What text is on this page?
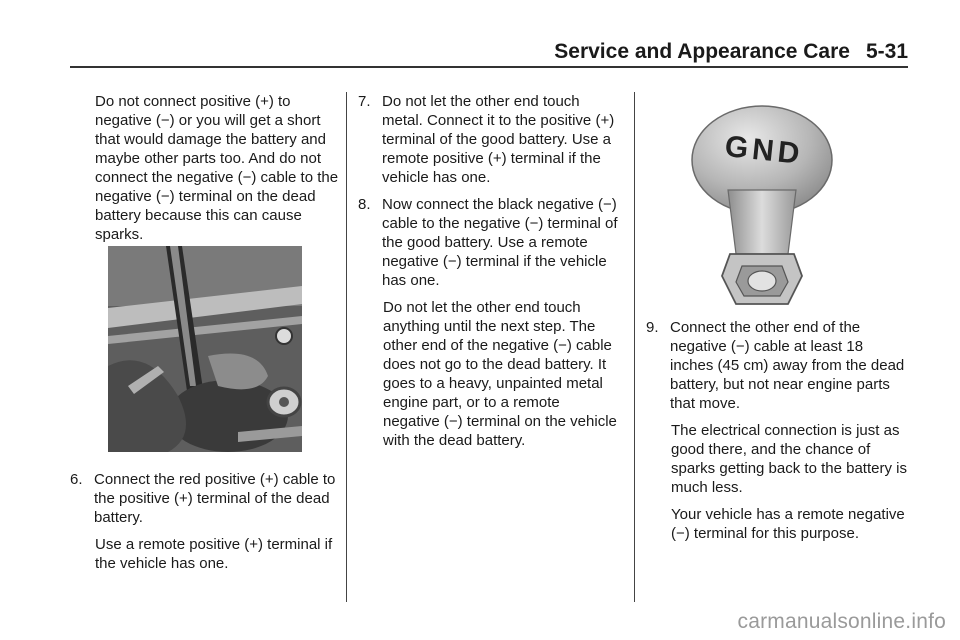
Service and Appearance Care 5-31

Do not connect positive (+) to negative (−) or you will get a short that would damage the battery and maybe other parts too. And do not connect the negative (−) cable to the negative (−) terminal on the dead battery because this can cause sparks.

6. Connect the red positive (+) cable to the positive (+) terminal of the dead battery.

Use a remote positive (+) terminal if the vehicle has one.

7. Do not let the other end touch metal. Connect it to the positive (+) terminal of the good battery. Use a remote positive (+) terminal if the vehicle has one.

8. Now connect the black negative (−) cable to the negative (−) terminal of the good battery. Use a remote negative (−) terminal if the vehicle has one.

Do not let the other end touch anything until the next step. The other end of the negative (−) cable does not go to the dead battery. It goes to a heavy, unpainted metal engine part, or to a remote negative (−) terminal on the vehicle with the dead battery.

GND
9. Connect the other end of the negative (−) cable at least 18 inches (45 cm) away from the dead battery, but not near engine parts that move.

The electrical connection is just as good there, and the chance of sparks getting back to the battery is much less.

Your vehicle has a remote negative (−) terminal for this purpose.

carmanualsonline.info
